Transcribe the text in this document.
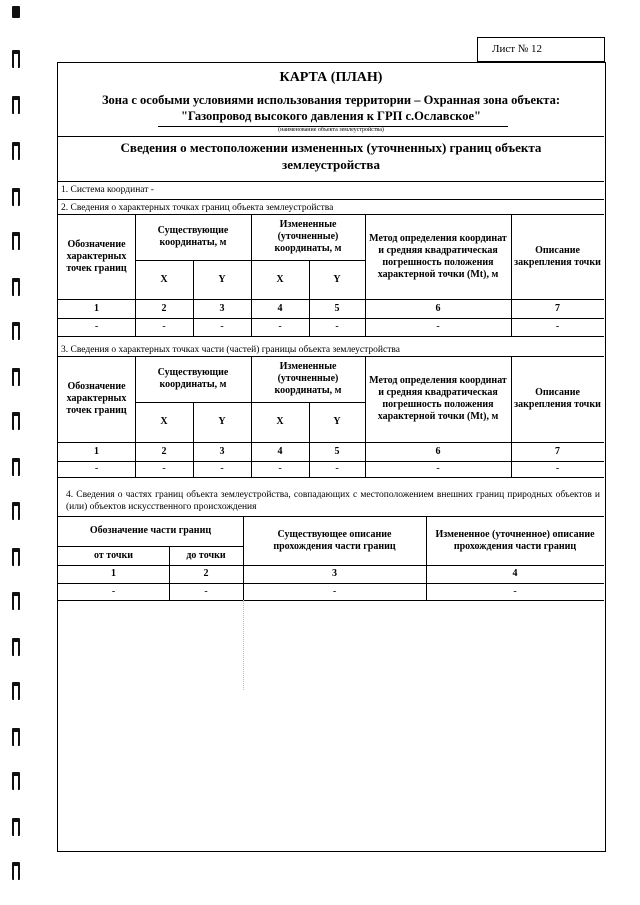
Лист № 12
КАРТА (ПЛАН)
Зона с особыми условиями использования территории – Охранная зона объекта:
"Газопровод высокого давления к ГРП с.Ославское"
(наименование объекта землеустройства)
Сведения о местоположении измененных (уточненных) границ объекта землеустройства
1. Система координат -
2. Сведения о характерных точках границ объекта землеустройства
Обозначение характерных точек границ
Существующие координаты, м
Измененные (уточненные) координаты, м
Метод определения координат и средняя квадратическая погрешность положения характерной точки (Mt), м
Описание закрепления точки
X	Y	X	Y
1	2	3	4	5	6	7
-	-	-	-	-	-	-
3. Сведения о характерных точках части (частей) границы объекта землеустройства
Обозначение характерных точек границ
Существующие координаты, м
Измененные (уточненные) координаты, м
Метод определения координат и средняя квадратическая погрешность положения характерной точки (Mt), м
Описание закрепления точки
X	Y	X	Y
1	2	3	4	5	6	7
-	-	-	-	-	-	-
4. Сведения о частях границ объекта землеустройства, совпадающих с местоположением внешних границ природных объектов и (или) объектов искусственного происхождения
Обозначение части границ
от точки	до точки
Существующее описание прохождения части границ
Измененное (уточненное) описание прохождения части границ
1	2	3	4
-	-	-	-
